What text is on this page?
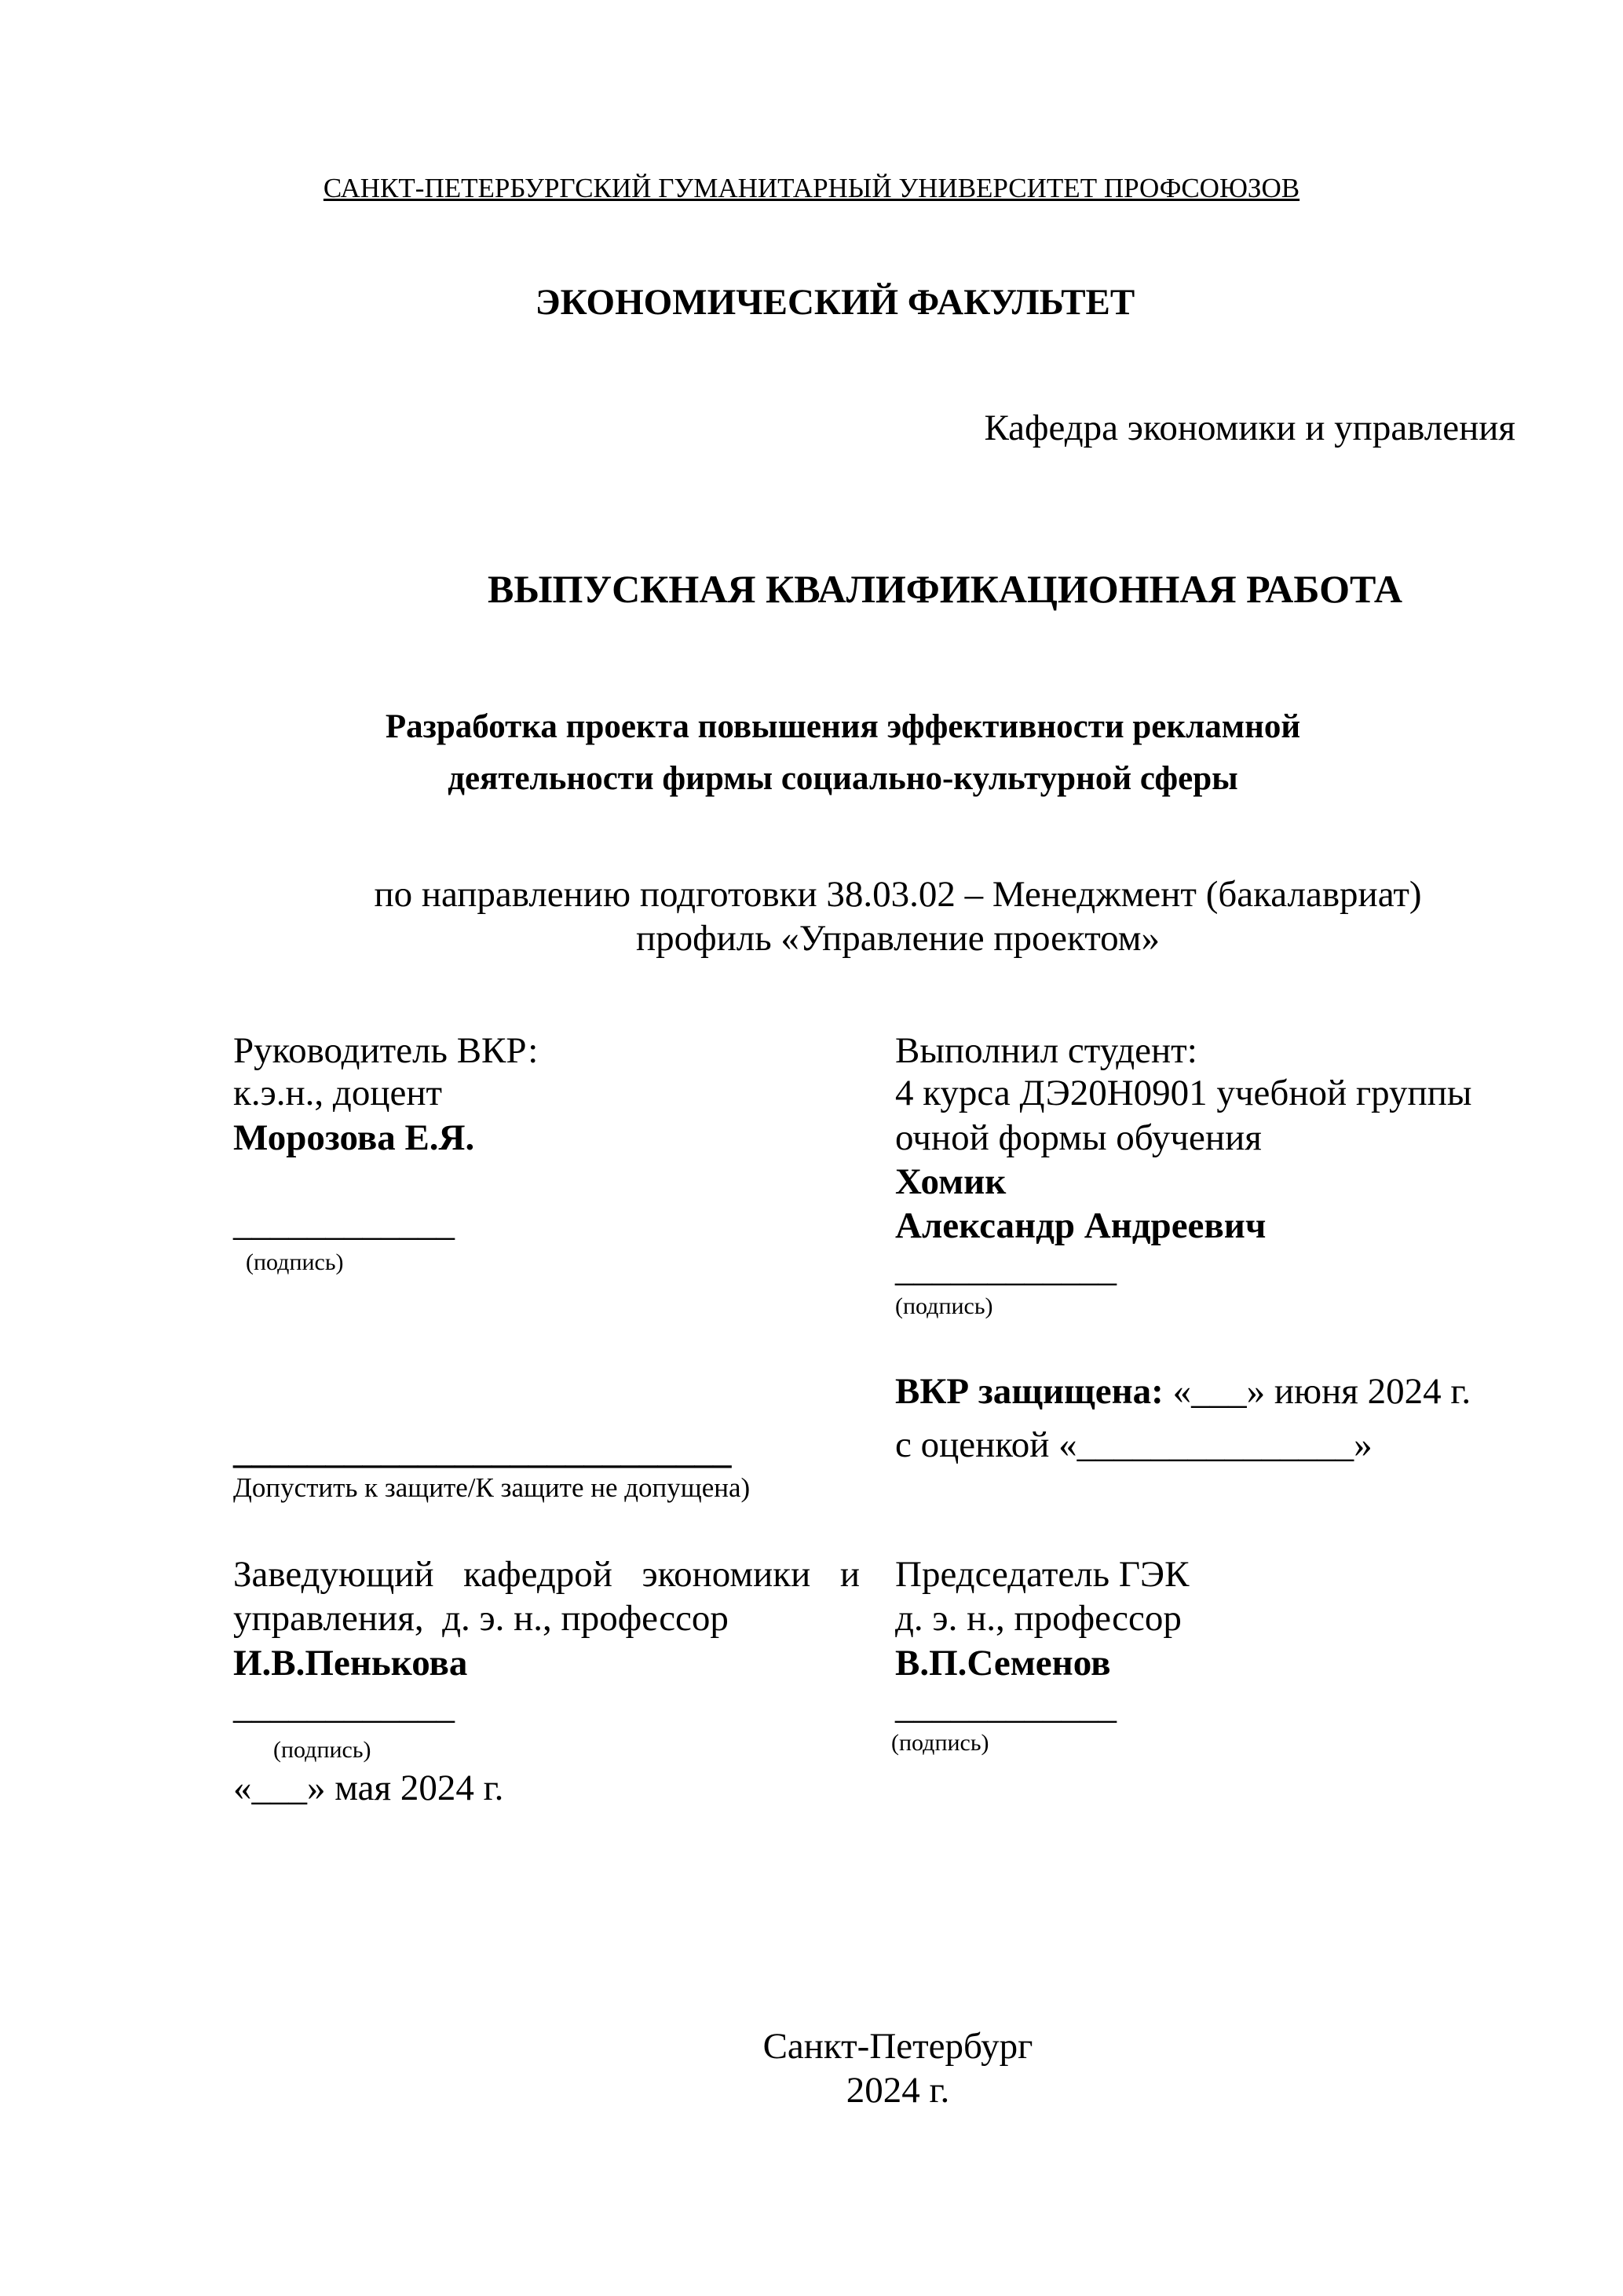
САНКТ-ПЕТЕРБУРГСКИЙ ГУМАНИТАРНЫЙ УНИВЕРСИТЕТ ПРОФСОЮЗОВ
ЭКОНОМИЧЕСКИЙ ФАКУЛЬТЕТ
Кафедра экономики и управления
ВЫПУСКНАЯ КВАЛИФИКАЦИОННАЯ РАБОТА
Разработка проекта повышения эффективности рекламной
деятельности фирмы социально-культурной сферы
по направлению подготовки 38.03.02 – Менеджмент (бакалавриат)
профиль «Управление проектом»
Руководитель ВКР:
к.э.н., доцент
Морозова Е.Я.
____________
(подпись)
Выполнил студент:
4 курса ДЭ20Н0901 учебной группы
очной формы обучения
Хомик
Александр Андреевич
____________
(подпись)
ВКР защищена: «___» июня 2024 г.
с оценкой «_______________»
___________________________
Допустить к защите/К защите не допущена)
Заведующий кафедрой экономики и
управления,  д. э. н., профессор
И.В.Пенькова
____________
(подпись)
«___» мая 2024 г.
Председатель ГЭК
д. э. н., профессор
В.П.Семенов
____________
(подпись)
Санкт-Петербург
2024 г.
